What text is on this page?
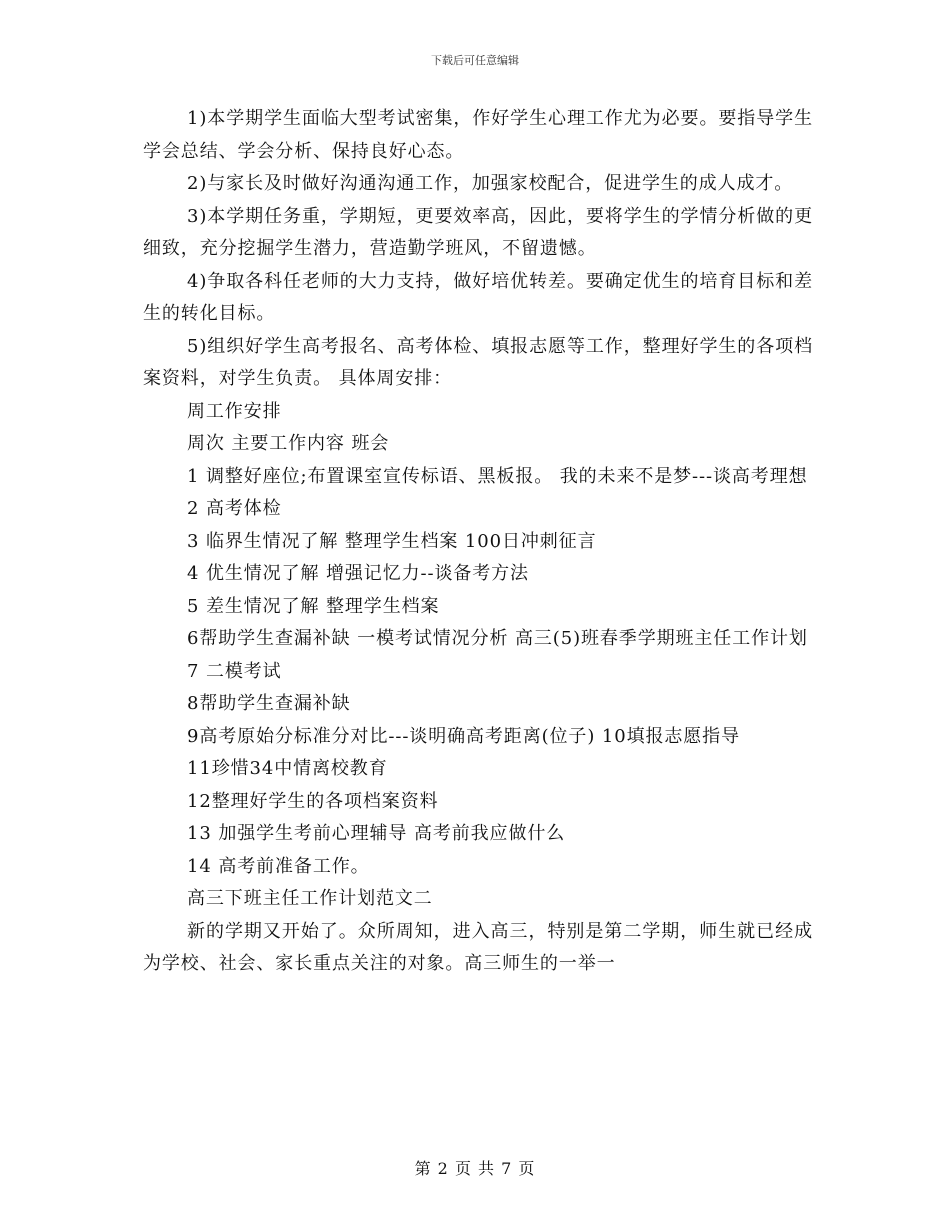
下载后可任意编辑

1)本学期学生面临大型考试密集，作好学生心理工作尤为必要。要指导学生学会总结、学会分析、保持良好心态。

2)与家长及时做好沟通沟通工作，加强家校配合，促进学生的成人成才。

3)本学期任务重，学期短，更要效率高，因此，要将学生的学情分析做的更细致，充分挖掘学生潜力，营造勤学班风，不留遗憾。

4)争取各科任老师的大力支持，做好培优转差。要确定优生的培育目标和差生的转化目标。

5)组织好学生高考报名、高考体检、填报志愿等工作，整理好学生的各项档案资料，对学生负责。 具体周安排：

周工作安排

周次 主要工作内容 班会

1 调整好座位;布置课室宣传标语、黑板报。 我的未来不是梦---谈高考理想

2 高考体检

3 临界生情况了解 整理学生档案 100日冲刺征言

4 优生情况了解 增强记忆力--谈备考方法

5 差生情况了解 整理学生档案

6帮助学生查漏补缺 一模考试情况分析 高三(5)班春季学期班主任工作计划

7 二模考试

8帮助学生查漏补缺

9高考原始分标准分对比---谈明确高考距离(位子) 10填报志愿指导

11珍惜34中情离校教育

12整理好学生的各项档案资料

13 加强学生考前心理辅导 高考前我应做什么

14 高考前准备工作。

高三下班主任工作计划范文二

新的学期又开始了。众所周知，进入高三，特别是第二学期，师生就已经成为学校、社会、家长重点关注的对象。高三师生的一举一

第 2 页 共 7 页
